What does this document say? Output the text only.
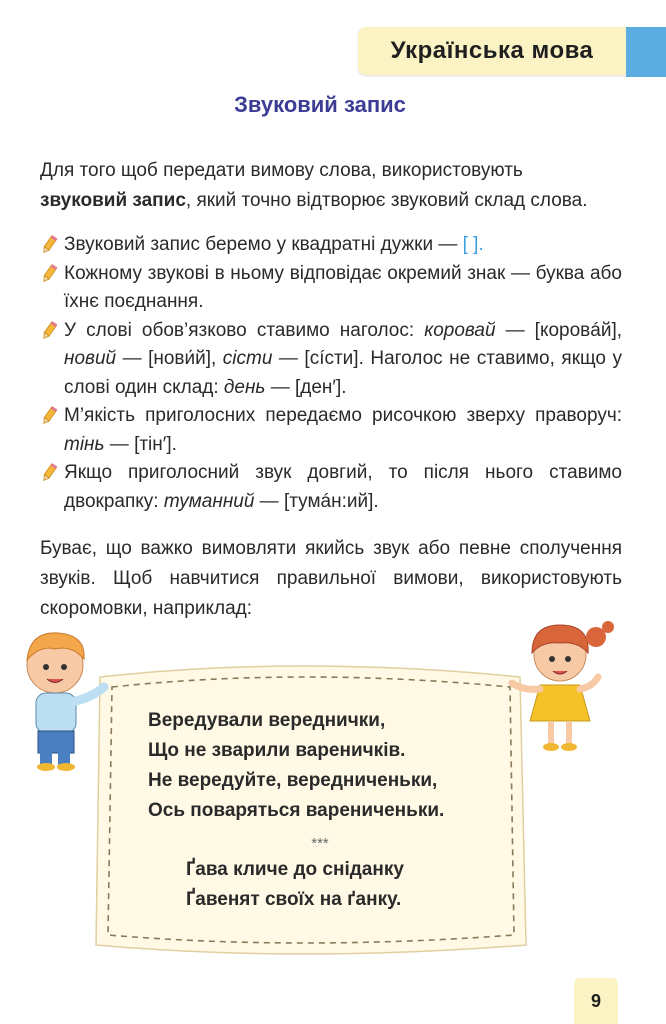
Українська мова
Звуковий запис
Для того щоб передати вимову слова, використовують
звуковий запис, який точно відтворює звуковий склад слова.
Звуковий запис беремо у квадратні дужки — [ ].
Кожному звукові в ньому відповідає окремий знак — буква або їхнє поєднання.
У слові обов’язково ставимо наголос: коровай — [коровáй], новий — [нови́й], сісти — [сíсти]. Наголос не ставимо, якщо у слові один склад: день — [ден′].
М’якість приголосних передаємо рисочкою зверху праворуч: тінь — [тін′].
Якщо приголосний звук довгий, то після нього ставимо двокрапку: туманний — [тумáн:ий].
Буває, що важко вимовляти якийсь звук або певне сполучення звуків. Щоб навчитися правильної вимови, використовують скоромовки, наприклад:
Вередували вереднички,
Що не зварили вареничків.
Не вередуйте, вередниченьки,
Ось поваряться варениченьки.
***
Ґава кличе до сніданку
Ґавенят своїх на ґанку.
9
